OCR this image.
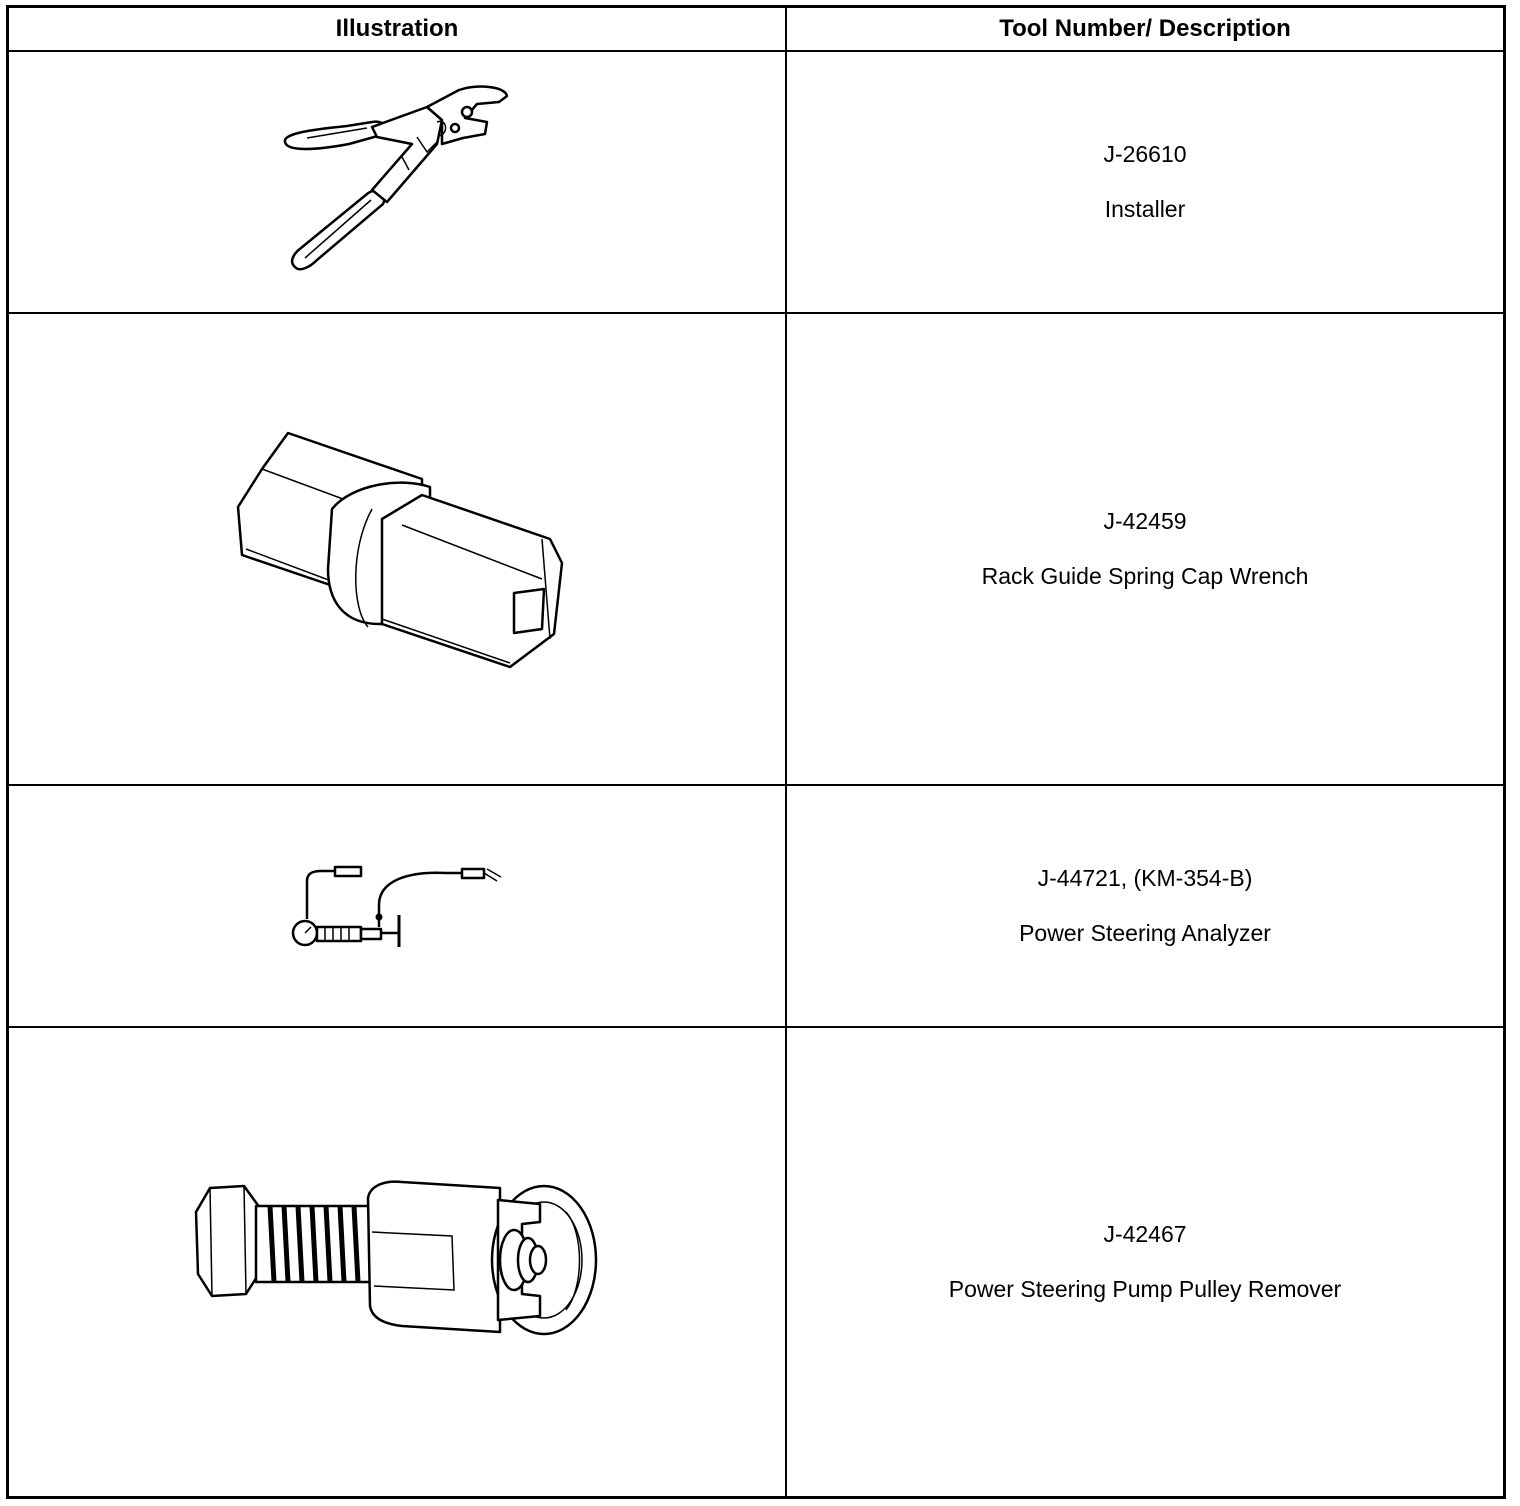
Illustration	Tool Number/ Description
J-26610
Installer
J-42459
Rack Guide Spring Cap Wrench
J-44721, (KM-354-B)
Power Steering Analyzer
J-42467
Power Steering Pump Pulley Remover
